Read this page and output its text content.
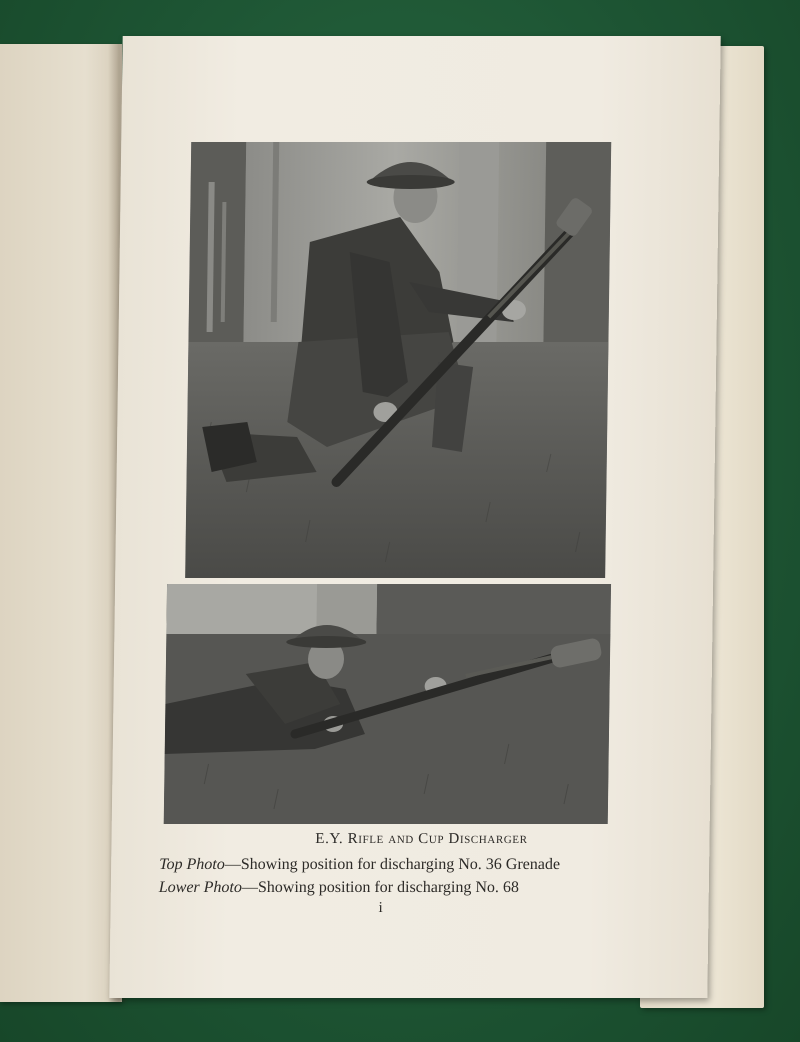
E.Y. Rifle and Cup Discharger
Top Photo—Showing position for discharging No. 36 Grenade
Lower Photo—Showing position for discharging No. 68
i
